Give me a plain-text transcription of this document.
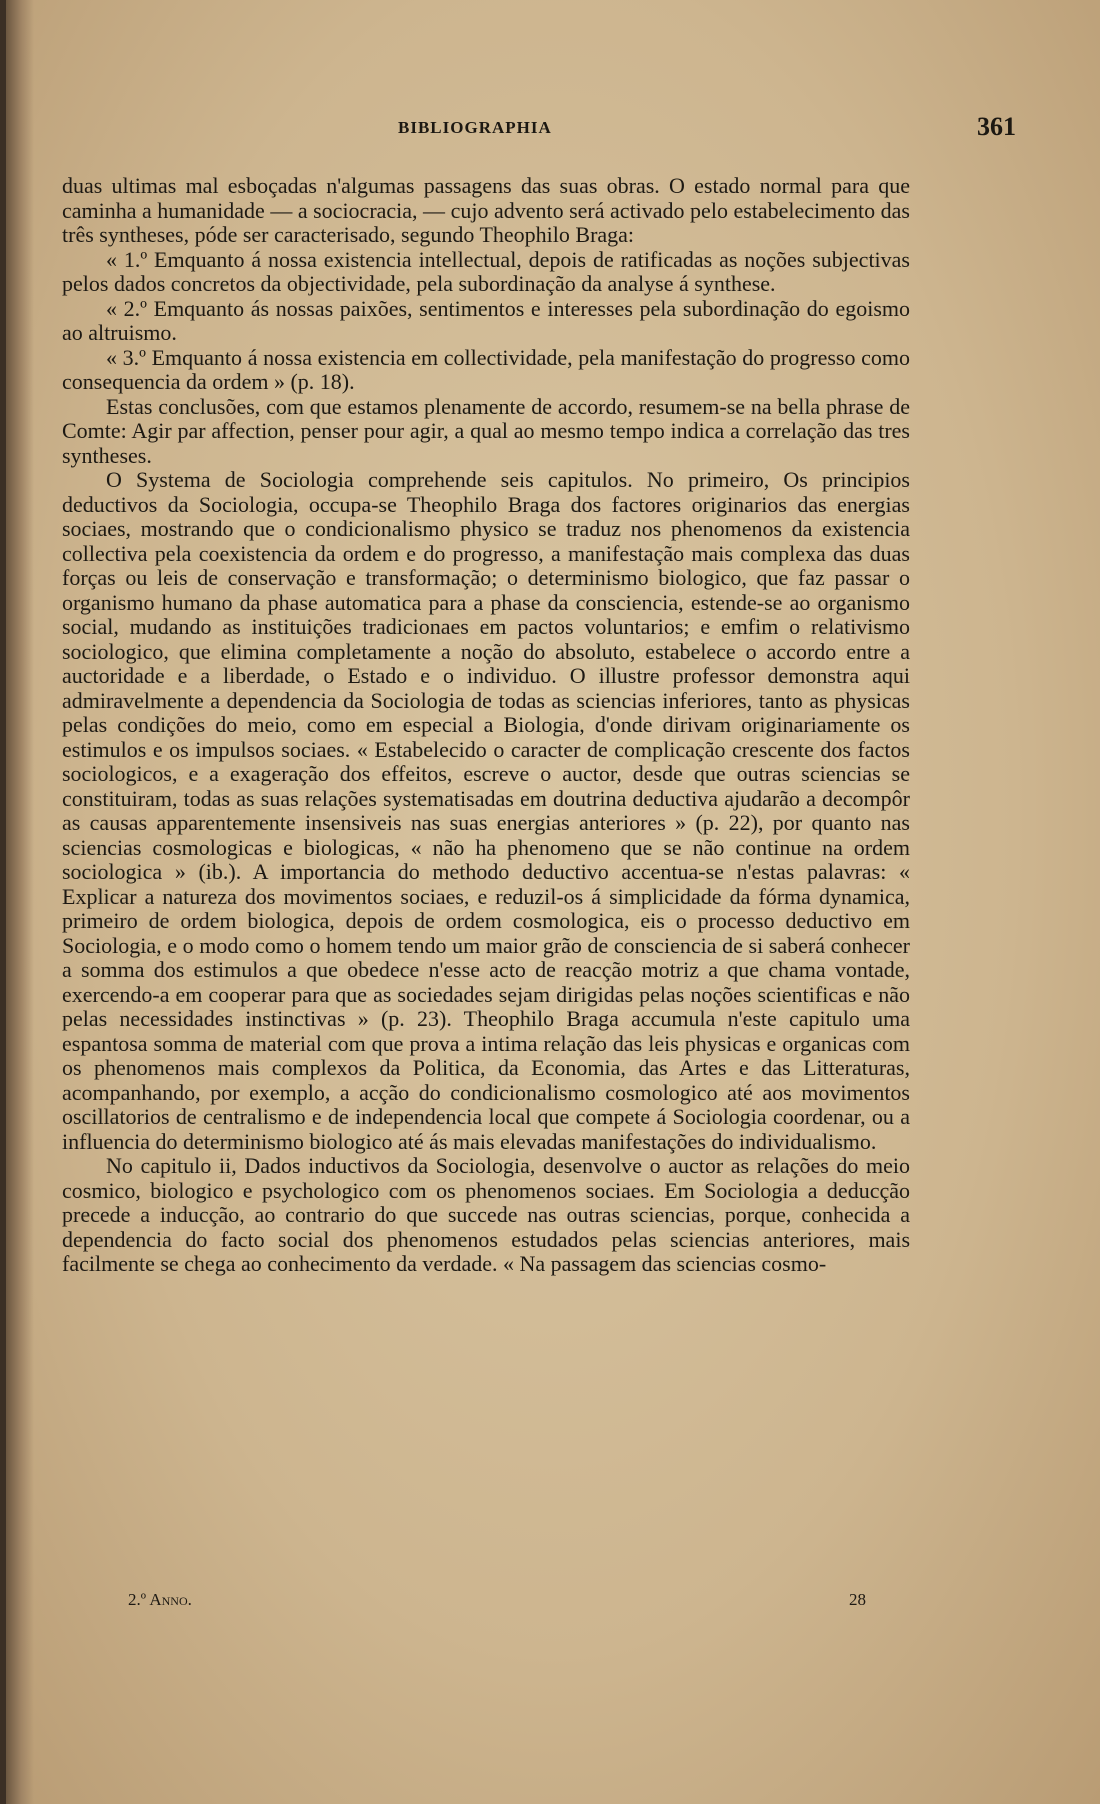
BIBLIOGRAPHIA	361

duas ultimas mal esboçadas n'algumas passagens das suas obras. O estado normal para que caminha a humanidade — a sociocracia, — cujo advento será activado pelo estabelecimento das três syntheses, póde ser caracterisado, segundo Theophilo Braga:

« 1.º Emquanto á nossa existencia intellectual, depois de ratificadas as noções subjectivas pelos dados concretos da objectividade, pela subordinação da analyse á synthese.

« 2.º Emquanto ás nossas paixões, sentimentos e interesses pela subordinação do egoismo ao altruismo.

« 3.º Emquanto á nossa existencia em collectividade, pela manifestação do progresso como consequencia da ordem » (p. 18).

Estas conclusões, com que estamos plenamente de accordo, resumem-se na bella phrase de Comte: Agir par affection, penser pour agir, a qual ao mesmo tempo indica a correlação das tres syntheses.

O Systema de Sociologia comprehende seis capitulos. No primeiro, Os principios deductivos da Sociologia, occupa-se Theophilo Braga dos factores originarios das energias sociaes, mostrando que o condicionalismo physico se traduz nos phenomenos da existencia collectiva pela coexistencia da ordem e do progresso, a manifestação mais complexa das duas forças ou leis de conservação e transformação; o determinismo biologico, que faz passar o organismo humano da phase automatica para a phase da consciencia, estende-se ao organismo social, mudando as instituições tradicionaes em pactos voluntarios; e emfim o relativismo sociologico, que elimina completamente a noção do absoluto, estabelece o accordo entre a auctoridade e a liberdade, o Estado e o individuo. O illustre professor demonstra aqui admiravelmente a dependencia da Sociologia de todas as sciencias inferiores, tanto as physicas pelas condições do meio, como em especial a Biologia, d'onde dirivam originariamente os estimulos e os impulsos sociaes. « Estabelecido o caracter de complicação crescente dos factos sociologicos, e a exageração dos effeitos, escreve o auctor, desde que outras sciencias se constituiram, todas as suas relações systematisadas em doutrina deductiva ajudarão a decompôr as causas apparentemente insensiveis nas suas energias anteriores » (p. 22), por quanto nas sciencias cosmologicas e biologicas, « não ha phenomeno que se não continue na ordem sociologica » (ib.). A importancia do methodo deductivo accentua-se n'estas palavras: « Explicar a natureza dos movimentos sociaes, e reduzil-os á simplicidade da fórma dynamica, primeiro de ordem biologica, depois de ordem cosmologica, eis o processo deductivo em Sociologia, e o modo como o homem tendo um maior grão de consciencia de si saberá conhecer a somma dos estimulos a que obedece n'esse acto de reacção motriz a que chama vontade, exercendo-a em cooperar para que as sociedades sejam dirigidas pelas noções scientificas e não pelas necessidades instinctivas » (p. 23). Theophilo Braga accumula n'este capitulo uma espantosa somma de material com que prova a intima relação das leis physicas e organicas com os phenomenos mais complexos da Politica, da Economia, das Artes e das Litteraturas, acompanhando, por exemplo, a acção do condicionalismo cosmologico até aos movimentos oscillatorios de centralismo e de independencia local que compete á Sociologia coordenar, ou a influencia do determinismo biologico até ás mais elevadas manifestações do individualismo.

No capitulo ii, Dados inductivos da Sociologia, desenvolve o auctor as relações do meio cosmico, biologico e psychologico com os phenomenos sociaes. Em Sociologia a deducção precede a inducção, ao contrario do que succede nas outras sciencias, porque, conhecida a dependencia do facto social dos phenomenos estudados pelas sciencias anteriores, mais facilmente se chega ao conhecimento da verdade. « Na passagem das sciencias cosmo-

2.º Anno.	28
